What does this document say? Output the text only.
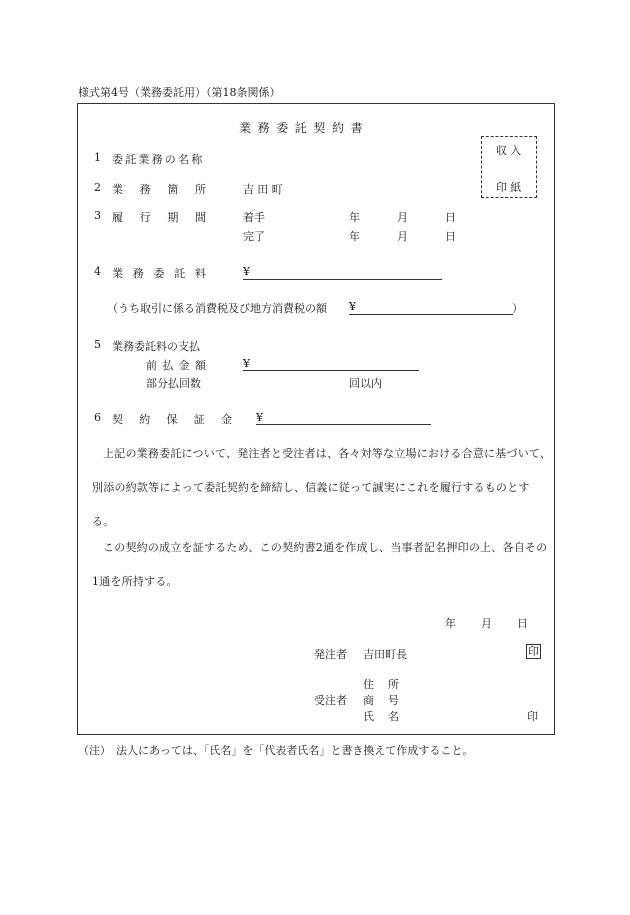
様式第4号（業務委託用）（第18条関係）
業務委託契約書
収入
印紙
1 委託業務の名称
2 業 務 箇 所	吉田町
3 履 行 期 間	着手	年	月	日
完了	年	月	日
4 業 務 委 託 料	¥
（うち取引に係る消費税及び地方消費税の額 ¥	）
5 業務委託料の支払
前 払 金 額	¥
部分払回数	回以内
6 契 約 保 証 金 ¥
上記の業務委託について、発注者と受注者は、各々対等な立場における合意に基づいて、別添の約款等によって委託契約を締結し、信義に従って誠実にこれを履行するものとする。
この契約の成立を証するため、この契約書2通を作成し、当事者記名押印の上、各自その1通を所持する。
年 月 日
発注者 吉田町長	印
住 所
受注者 商 号
氏 名	印
（注） 法人にあっては、「氏名」を「代表者氏名」と書き換えて作成すること。
